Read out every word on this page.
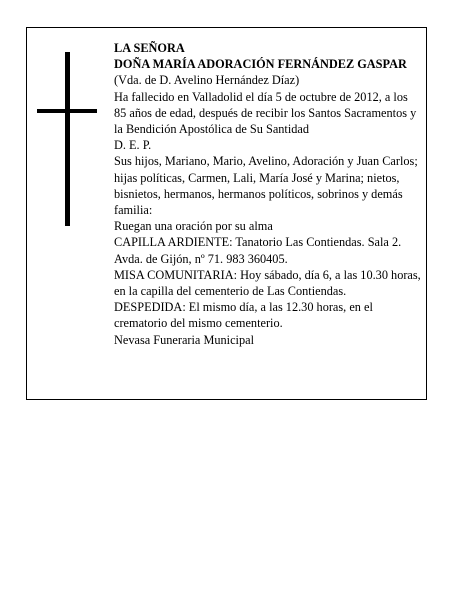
LA SEÑORA

DOÑA MARÍA ADORACIÓN FERNÁNDEZ GASPAR

(Vda. de D. Avelino Hernández Díaz)

Ha fallecido en Valladolid el día 5 de octubre de 2012, a los 85 años de edad, después de recibir los Santos Sacramentos y la Bendición Apostólica de Su Santidad

D. E. P.

Sus hijos, Mariano, Mario, Avelino, Adoración y Juan Carlos; hijas políticas, Carmen, Lali, María José y Marina; nietos, bisnietos, hermanos, hermanos políticos, sobrinos y demás familia:

Ruegan una oración por su alma

CAPILLA ARDIENTE: Tanatorio Las Contiendas. Sala 2. Avda. de Gijón, nº 71. 983 360405.

MISA COMUNITARIA: Hoy sábado, día 6, a las 10.30 horas, en la capilla del cementerio de Las Contiendas.

DESPEDIDA: El mismo día, a las 12.30 horas, en el crematorio del mismo cementerio.

Nevasa Funeraria Municipal
